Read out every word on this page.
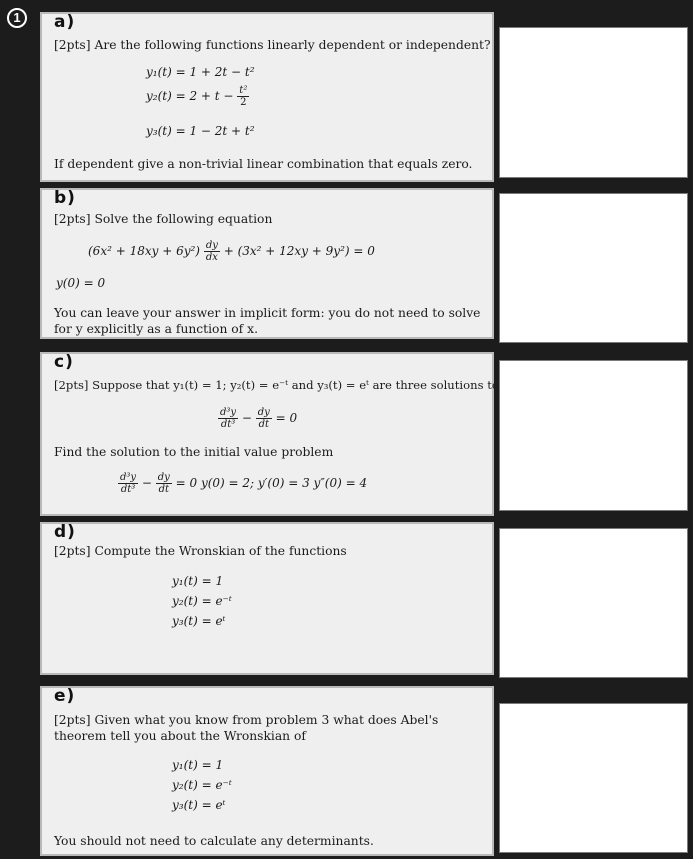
1	a)
[2pts] Are the following functions linearly dependent or independent?
y₁(t) = 1 + 2t − t²
$y_2(t) = 2 + t - \frac{\text{t²}}{2}$
y₃(t) = 1 − 2t + t²
If dependent give a non-trivial linear combination that equals zero.
b)
[2pts] Solve the following equation
$(6x^2 + 18xy + 6y^2) \frac{dy}{dx} + (3x^2 + 12xy + 9y^2) = 0$
y(0) = 0
You can leave your answer in implicit form: you do not need to solve for y explicitly as a function of x.
c)
[2pts] Suppose that y₁(t) = 1; y₂(t) = e⁻ᵗ and y₃(t) = eᵗ are three solutions to
$\frac{\text{d³y}}{\text{dt³}} - \frac{dy}{dt} = 0$
Find the solution to the initial value problem
$\frac{\text{d³y}}{\text{dt³}} - \frac{dy}{dt} = 0$ y(0) = 2; y′(0) = 3 y″(0) = 4
d)
[2pts] Compute the Wronskian of the functions
y₁(t) = 1
y₂(t) = e⁻ᵗ
y₃(t) = eᵗ
e)
[2pts] Given what you know from problem 3 what does Abel's theorem tell you about the Wronskian of
y₁(t) = 1
y₂(t) = e⁻ᵗ
y₃(t) = eᵗ
You should not need to calculate any determinants.
